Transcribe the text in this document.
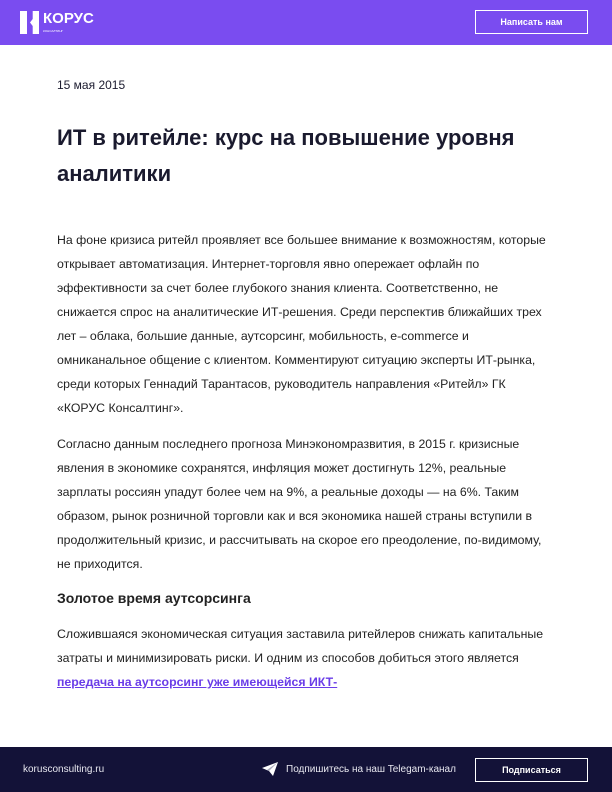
КОРУС
КОНСАЛТИНГ
Написать нам
15 мая 2015
ИТ в ритейле: курс на повышение уровня аналитики

На фоне кризиса ритейл проявляет все большее внимание к возможностям, которые открывает автоматизация. Интернет-торговля явно опережает офлайн по эффективности за счет более глубокого знания клиента. Соответственно, не снижается спрос на аналитические ИТ-решения. Среди перспектив ближайших трех лет – облака, большие данные, аутсорсинг, мобильность, e-commerce и омниканальное общение с клиентом. Комментируют ситуацию эксперты ИТ-рынка, среди которых Геннадий Тарантасов, руководитель направления «Ритейл» ГК «КОРУС Консалтинг».

Согласно данным последнего прогноза Минэкономразвития, в 2015 г. кризисные явления в экономике сохранятся, инфляция может достигнуть 12%, реальные зарплаты россиян упадут более чем на 9%, а реальные доходы — на 6%. Таким образом, рынок розничной торговли как и вся экономика нашей страны вступили в продолжительный кризис, и рассчитывать на скорое его преодоление, по-видимому, не приходится.

Золотое время аутсорсинга

Сложившаяся экономическая ситуация заставила ритейлеров снижать капитальные затраты и минимизировать риски. И одним из способов добиться этого является передача на аутсорсинг уже имеющейся ИКТ-

korusconsulting.ru	Подпишитесь на наш Telegam-канал	Подписаться
